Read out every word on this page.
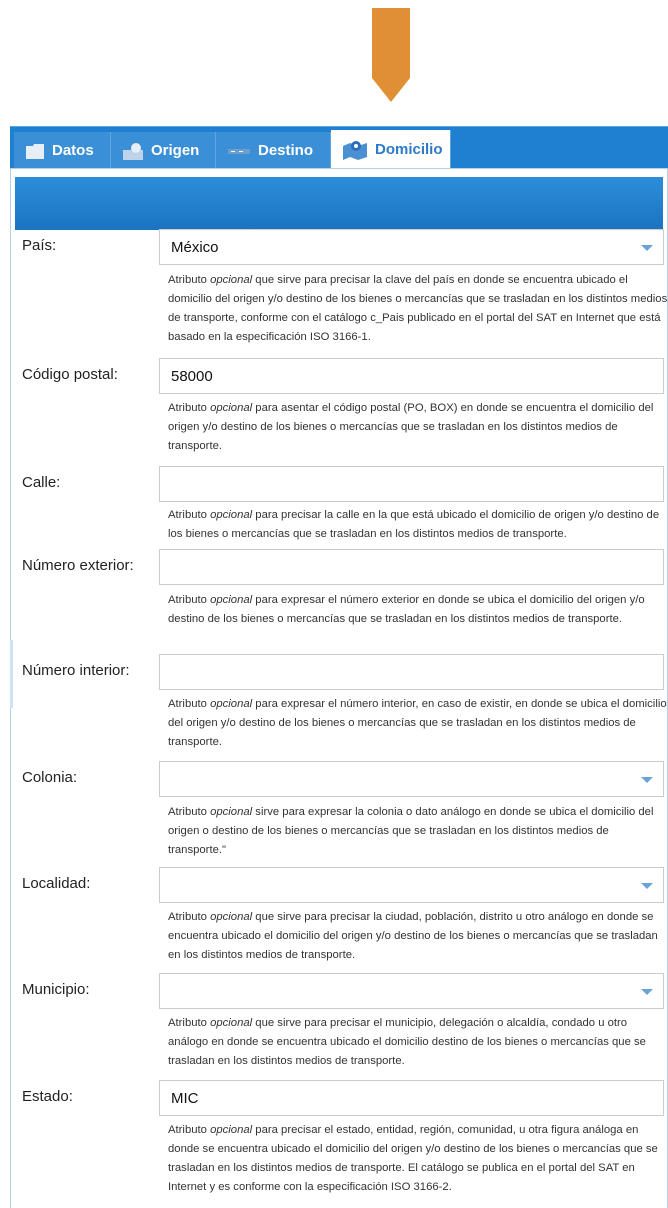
Datos	Origen	Destino	Domicilio
País:	México
Atributo opcional que sirve para precisar la clave del país en donde se encuentra ubicado el domicilio del origen y/o destino de los bienes o mercancías que se trasladan en los distintos medios de transporte, conforme con el catálogo c_Pais publicado en el portal del SAT en Internet que está basado en la especificación ISO 3166-1.
Código postal:	58000
Atributo opcional para asentar el código postal (PO, BOX) en donde se encuentra el domicilio del origen y/o destino de los bienes o mercancías que se trasladan en los distintos medios de transporte.
Calle:
Atributo opcional para precisar la calle en la que está ubicado el domicilio de origen y/o destino de los bienes o mercancías que se trasladan en los distintos medios de transporte.
Número exterior:
Atributo opcional para expresar el número exterior en donde se ubica el domicilio del origen y/o destino de los bienes o mercancías que se trasladan en los distintos medios de transporte.
Número interior:
Atributo opcional para expresar el número interior, en caso de existir, en donde se ubica el domicilio del origen y/o destino de los bienes o mercancías que se trasladan en los distintos medios de transporte.
Colonia:
Atributo opcional sirve para expresar la colonia o dato análogo en donde se ubica el domicilio del origen o destino de los bienes o mercancías que se trasladan en los distintos medios de transporte."
Localidad:
Atributo opcional que sirve para precisar la ciudad, población, distrito u otro análogo en donde se encuentra ubicado el domicilio del origen y/o destino de los bienes o mercancías que se trasladan en los distintos medios de transporte.
Municipio:
Atributo opcional que sirve para precisar el municipio, delegación o alcaldía, condado u otro análogo en donde se encuentra ubicado el domicilio destino de los bienes o mercancías que se trasladan en los distintos medios de transporte.
Estado:	MIC
Atributo opcional para precisar el estado, entidad, región, comunidad, u otra figura análoga en donde se encuentra ubicado el domicilio del origen y/o destino de los bienes o mercancías que se trasladan en los distintos medios de transporte. El catálogo se publica en el portal del SAT en Internet y es conforme con la especificación ISO 3166-2.
